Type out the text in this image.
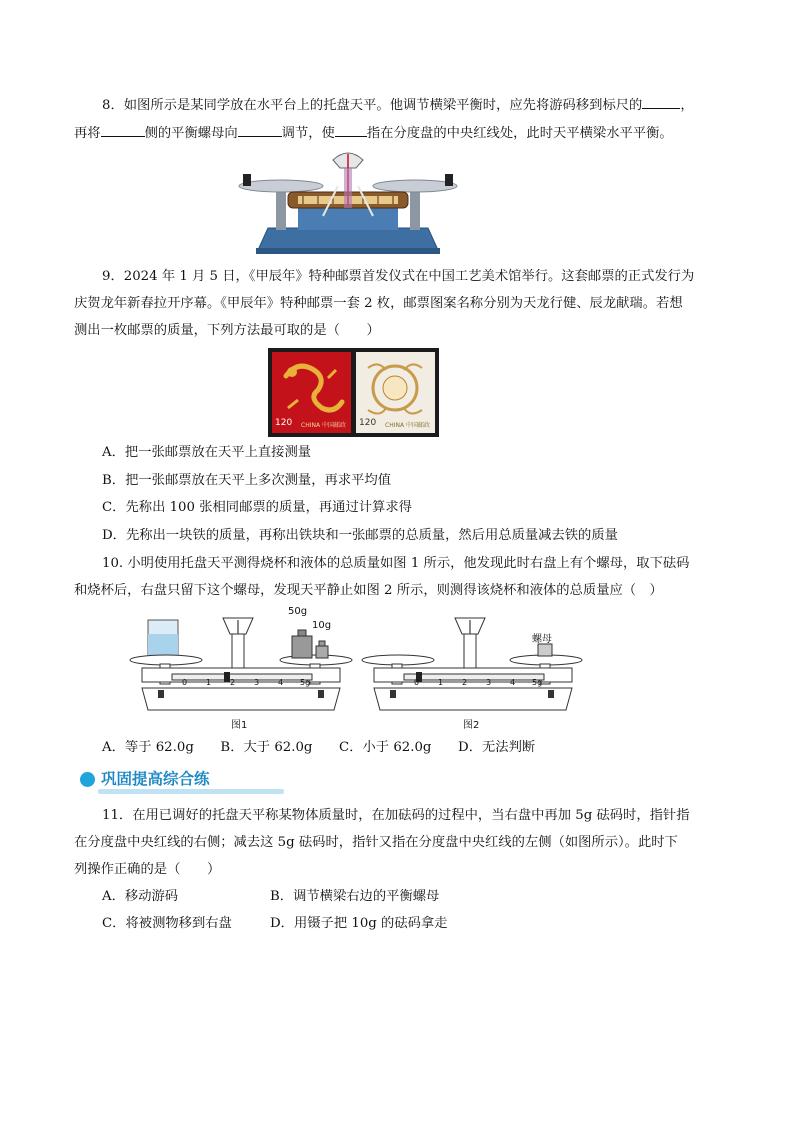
8．如图所示是某同学放在水平台上的托盘天平。他调节横梁平衡时，应先将游码移到标尺的	，
再将	侧的平衡螺母向	调节，使 指在分度盘的中央红线处，此时天平横梁水平平衡。
9．2024 年 1 月 5 日，《甲辰年》特种邮票首发仪式在中国工艺美术馆举行。这套邮票的正式发行为
庆贺龙年新春拉开序幕。《甲辰年》特种邮票一套 2 枚，邮票图案名称分别为天龙行健、辰龙献瑞。若想
测出一枚邮票的质量，下列方法最可取的是（　　）
120 CHINA 中国邮政 120 CHINA 中国邮政
A．把一张邮票放在天平上直接测量
B．把一张邮票放在天平上多次测量，再求平均值
C．先称出 100 张相同邮票的质量，再通过计算求得
D．先称出一块铁的质量，再称出铁块和一张邮票的总质量，然后用总质量减去铁的质量
10. 小明使用托盘天平测得烧杯和液体的总质量如图 1 所示，他发现此时右盘上有个螺母，取下砝码
和烧杯后，右盘只留下这个螺母，发现天平静止如图 2 所示，则测得该烧杯和液体的总质量应（　）
50g
10g
0 1 2 3 4 5g
图1
螺母
0 1 2 3 4 5g
图2
A．等于 62.0g　　B．大于 62.0g　　C．小于 62.0g　　D．无法判断
巩固提高综合练
11．在用已调好的托盘天平称某物体质量时，在加砝码的过程中，当右盘中再加 5g 砝码时，指针指
在分度盘中央红线的右侧；减去这 5g 砝码时，指针又指在分度盘中央红线的左侧（如图所示）。此时下
列操作正确的是（　　）
A．移动游码	B．调节横梁右边的平衡螺母
C．将被测物移到右盘	D．用镊子把 10g 的砝码拿走
